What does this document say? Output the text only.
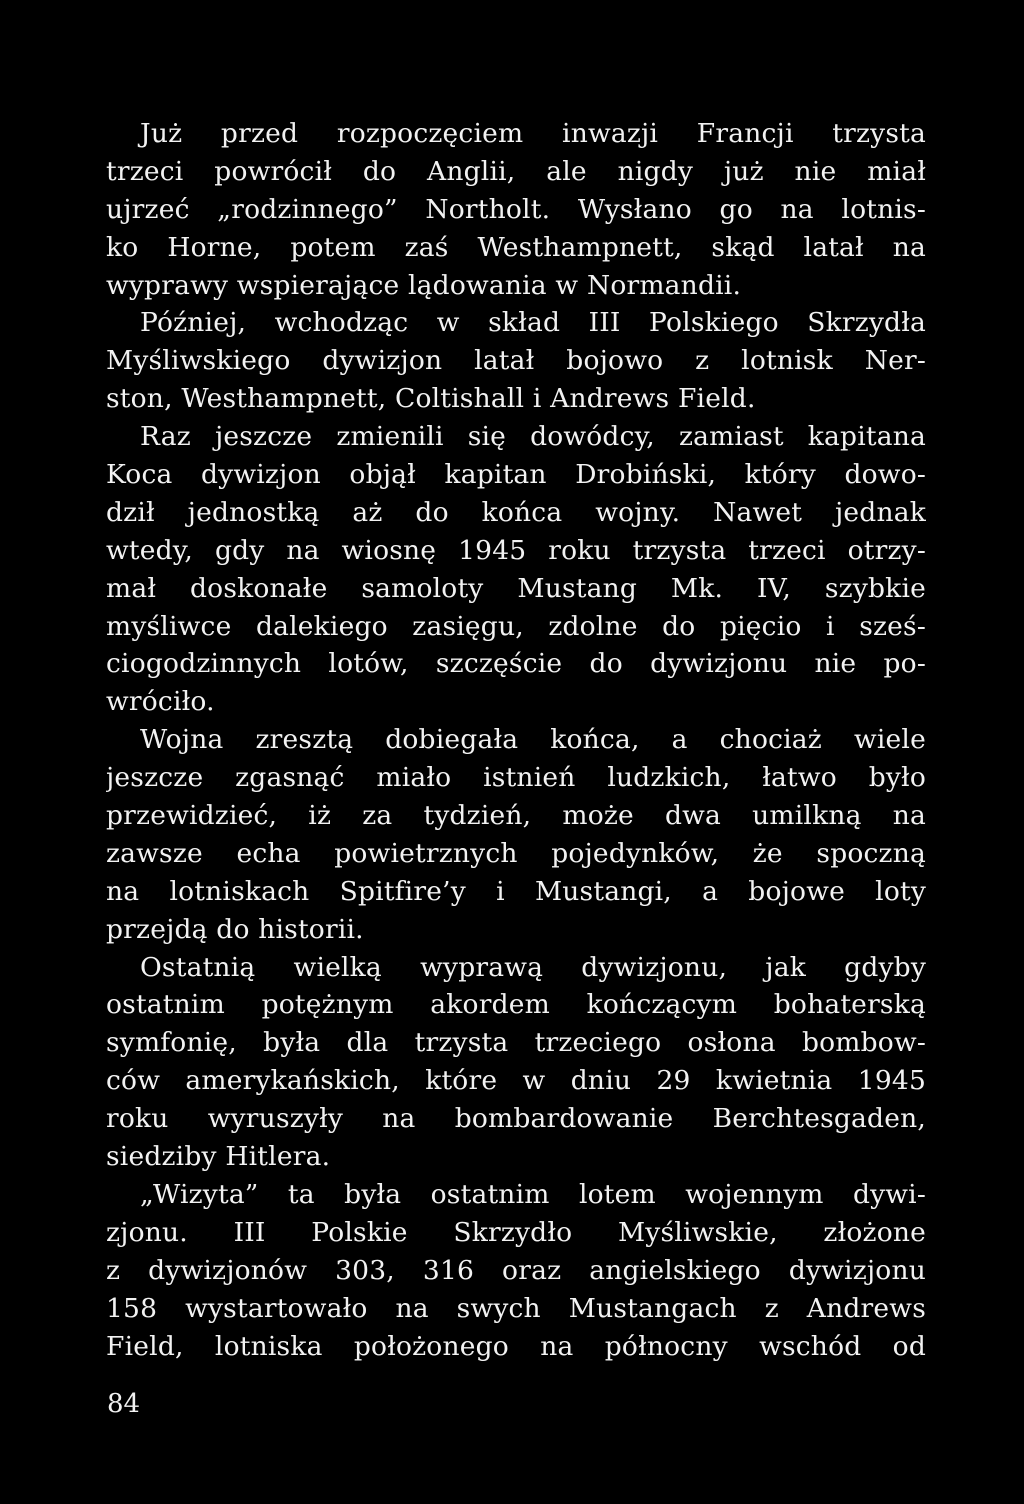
Już przed rozpoczęciem inwazji Francji trzysta
trzeci powrócił do Anglii, ale nigdy już nie miał
ujrzeć „rodzinnego” Northolt. Wysłano go na lotnis-
ko Horne, potem zaś Westhampnett, skąd latał na
wyprawy wspierające lądowania w Normandii.
Później, wchodząc w skład III Polskiego Skrzydła
Myśliwskiego dywizjon latał bojowo z lotnisk Ner-
ston, Westhampnett, Coltishall i Andrews Field.
Raz jeszcze zmienili się dowódcy, zamiast kapitana
Koca dywizjon objął kapitan Drobiński, który dowo-
dził jednostką aż do końca wojny. Nawet jednak
wtedy, gdy na wiosnę 1945 roku trzysta trzeci otrzy-
mał doskonałe samoloty Mustang Mk. IV, szybkie
myśliwce dalekiego zasięgu, zdolne do pięcio i sześ-
ciogodzinnych lotów, szczęście do dywizjonu nie po-
wróciło.
Wojna zresztą dobiegała końca, a chociaż wiele
jeszcze zgasnąć miało istnień ludzkich, łatwo było
przewidzieć, iż za tydzień, może dwa umilkną na
zawsze echa powietrznych pojedynków, że spoczną
na lotniskach Spitfire’y i Mustangi, a bojowe loty
przejdą do historii.
Ostatnią wielką wyprawą dywizjonu, jak gdyby
ostatnim potężnym akordem kończącym bohaterską
symfonię, była dla trzysta trzeciego osłona bombow-
ców amerykańskich, które w dniu 29 kwietnia 1945
roku wyruszyły na bombardowanie Berchtesgaden,
siedziby Hitlera.
„Wizyta” ta była ostatnim lotem wojennym dywi-
zjonu. III Polskie Skrzydło Myśliwskie, złożone
z dywizjonów 303, 316 oraz angielskiego dywizjonu
158 wystartowało na swych Mustangach z Andrews
Field, lotniska położonego na północny wschód od
84
